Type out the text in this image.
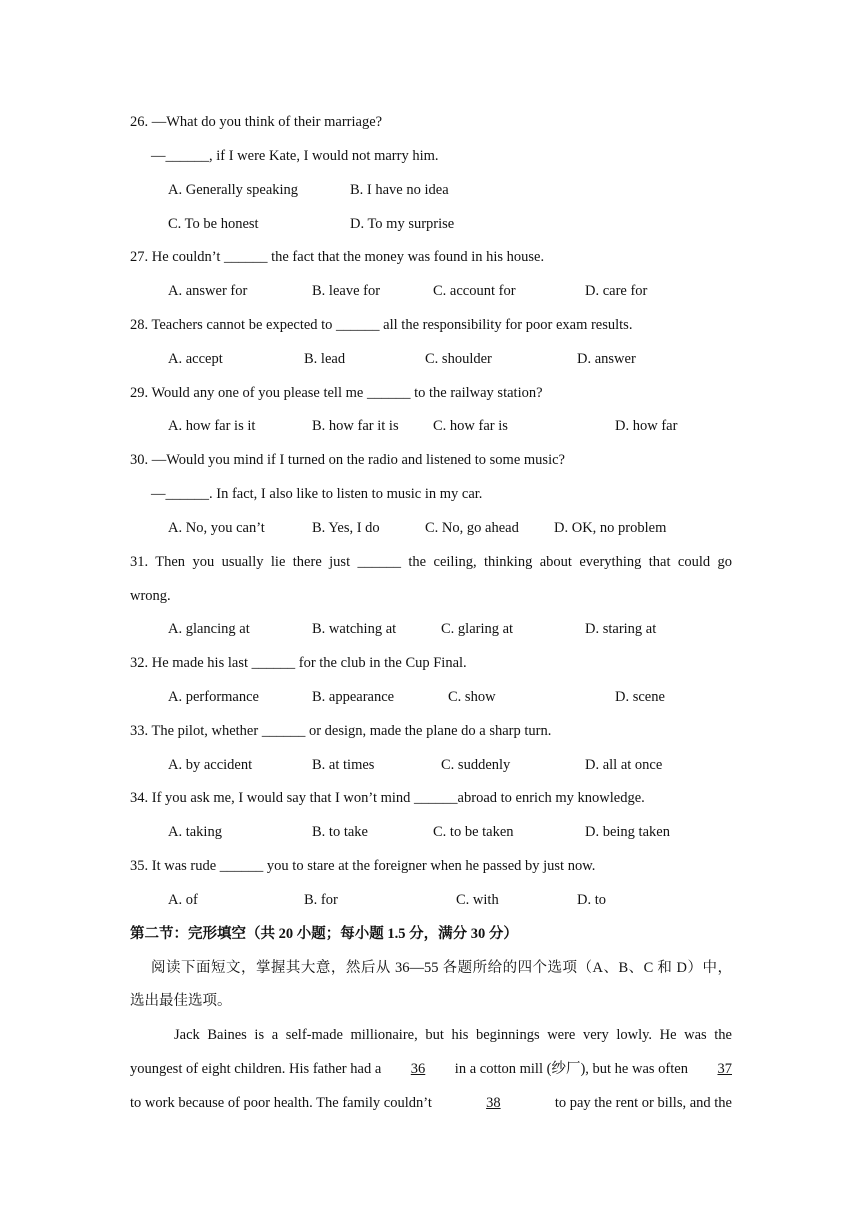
26. —What do you think of their marriage?
—______, if I were Kate, I would not marry him.
A. Generally speaking	B. I have no idea
C. To be honest	D. To my surprise
27. He couldn’t ______ the fact that the money was found in his house.
A. answer for	B. leave for	C. account for	D. care for
28. Teachers cannot be expected to ______ all the responsibility for poor exam results.
A. accept	B. lead	C. shoulder	D. answer
29. Would any one of you please tell me ______ to the railway station?
A. how far is it	B. how far it is C. how far is	D. how far
30. —Would you mind if I turned on the radio and listened to some music?
—______. In fact, I also like to listen to music in my car.
A. No, you can’t	B. Yes, I do	C. No, go ahead D. OK, no problem
31. Then you usually lie there just ______ the ceiling, thinking about everything that could go
wrong.
A. glancing at	B. watching at	C. glaring at	D. staring at
32. He made his last ______ for the club in the Cup Final.
A. performance	B. appearance	C. show	D. scene
33. The pilot, whether ______ or design, made the plane do a sharp turn.
A. by accident	B. at times	C. suddenly	D. all at once
34. If you ask me, I would say that I won’t mind ______abroad to enrich my knowledge.
A. taking	B. to take	C. to be taken	D. being taken
35. It was rude ______ you to stare at the foreigner when he passed by just now.
A. of	B. for	C. with	D. to
第二节：完形填空（共 20 小题；每小题 1.5 分，满分 30 分）
阅读下面短文，掌握其大意，然后从 36—55 各题所给的四个选项（A、B、C 和 D）中，
选出最佳选项。
Jack Baines is a self-made millionaire, but his beginnings were very lowly. He was the
youngest of eight children. His father had a	36	in a cotton mill (纱厂), but he was often	37
to work because of poor health. The family couldn’t	38	to pay the rent or bills, and the
